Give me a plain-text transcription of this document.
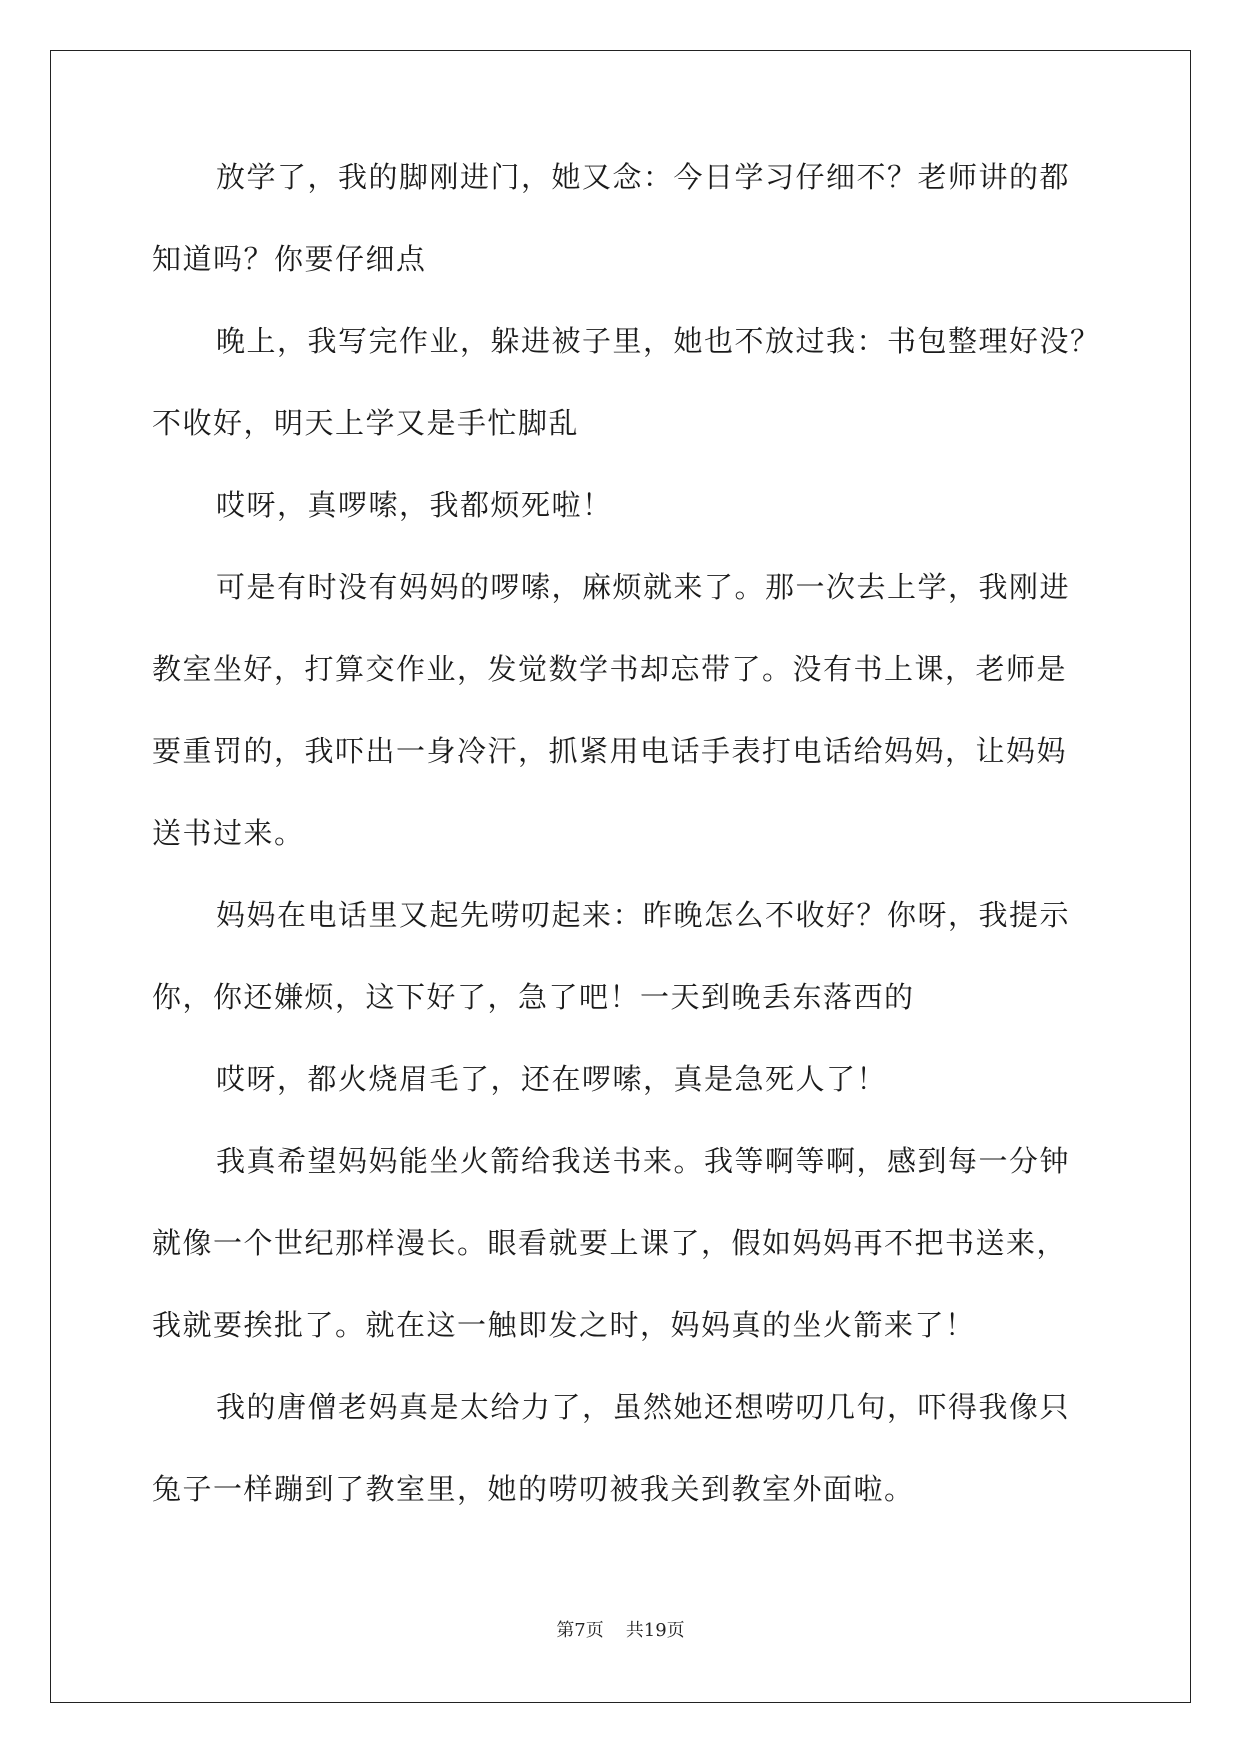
放学了，我的脚刚进门，她又念：今日学习仔细不？老师讲的都
知道吗？你要仔细点
晚上，我写完作业，躲进被子里，她也不放过我：书包整理好没？
不收好，明天上学又是手忙脚乱
哎呀，真啰嗦，我都烦死啦！
可是有时没有妈妈的啰嗦，麻烦就来了。那一次去上学，我刚进
教室坐好，打算交作业，发觉数学书却忘带了。没有书上课，老师是
要重罚的，我吓出一身冷汗，抓紧用电话手表打电话给妈妈，让妈妈
送书过来。
妈妈在电话里又起先唠叨起来：昨晚怎么不收好？你呀，我提示
你，你还嫌烦，这下好了，急了吧！一天到晚丢东落西的
哎呀，都火烧眉毛了，还在啰嗦，真是急死人了！
我真希望妈妈能坐火箭给我送书来。我等啊等啊，感到每一分钟
就像一个世纪那样漫长。眼看就要上课了，假如妈妈再不把书送来，
我就要挨批了。就在这一触即发之时，妈妈真的坐火箭来了！
我的唐僧老妈真是太给力了，虽然她还想唠叨几句，吓得我像只
兔子一样蹦到了教室里，她的唠叨被我关到教室外面啦。
第7页 共19页
